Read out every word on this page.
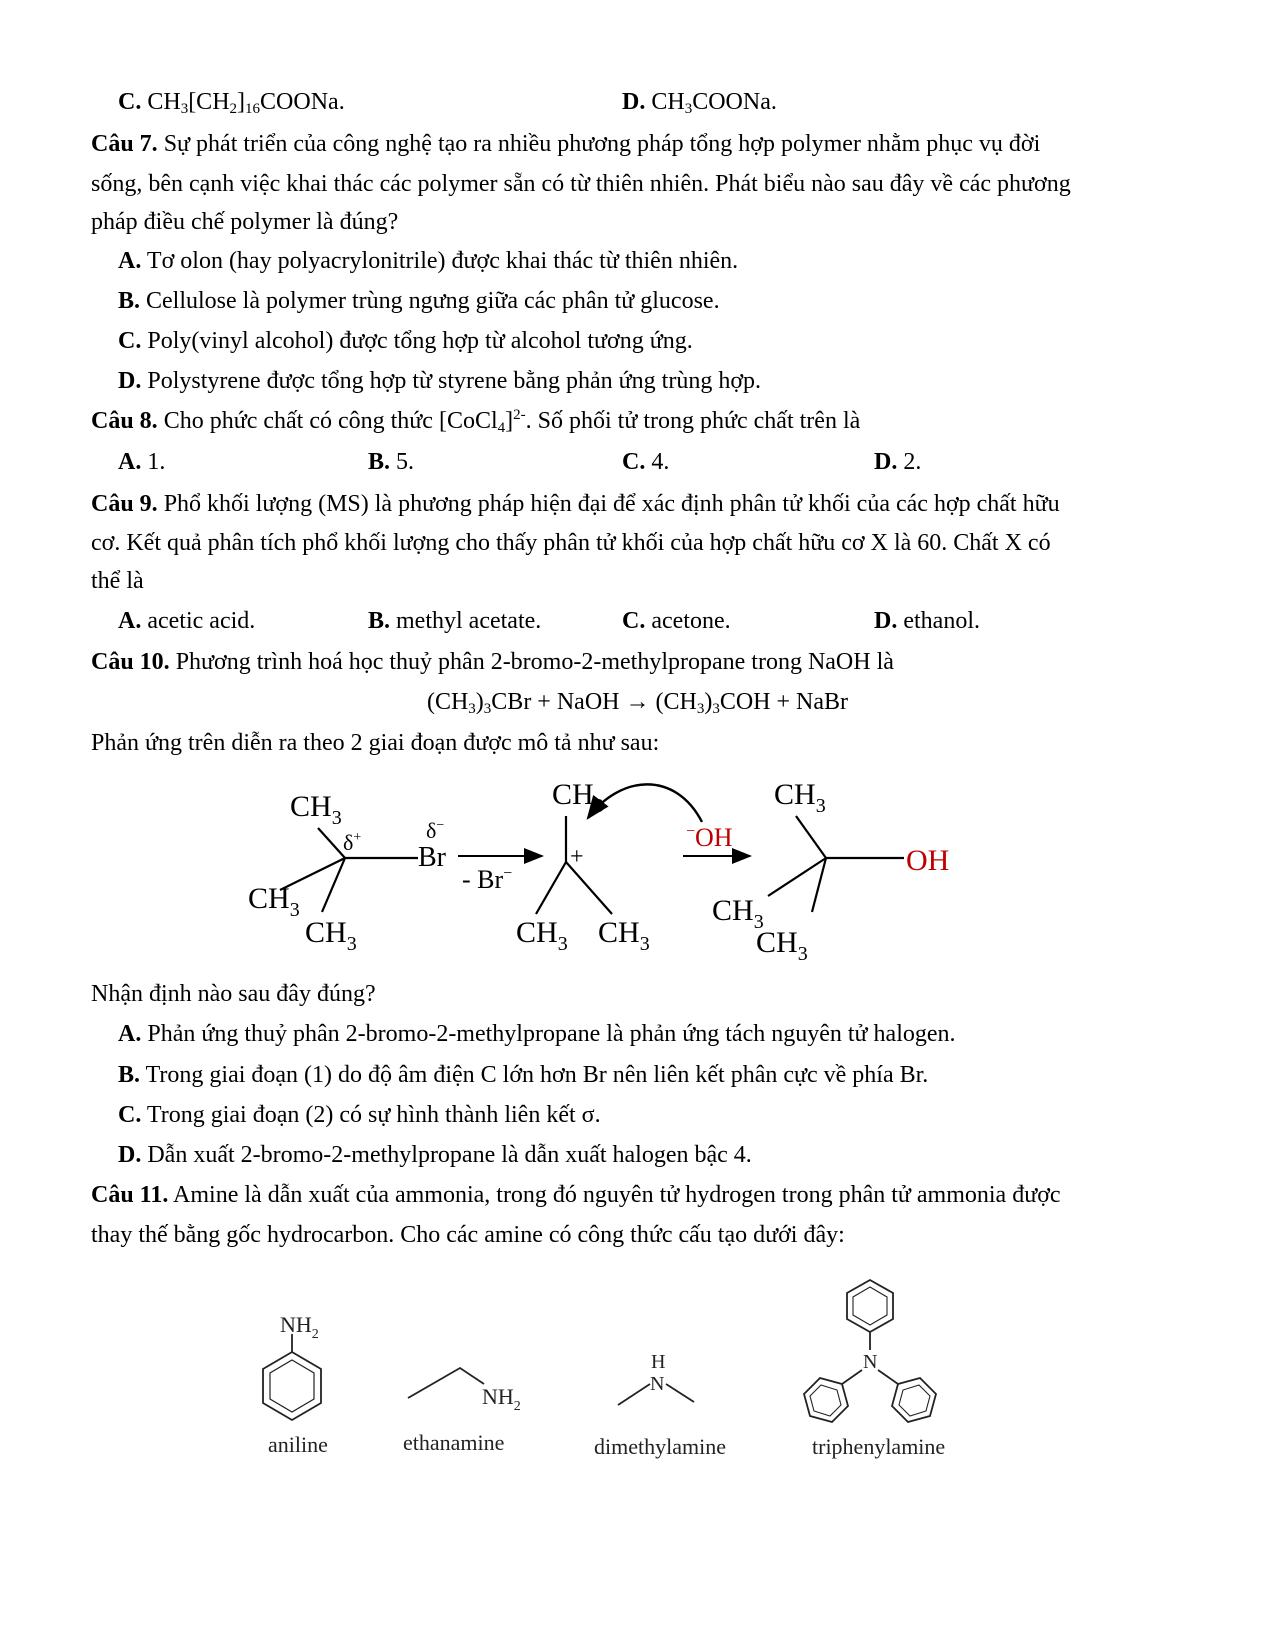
C. $CH_3[CH_2]_{16}COONa$.	D. $CH_3COONa$.
Câu 7. Sự phát triển của công nghệ tạo ra nhiều phương pháp tổng hợp polymer nhằm phục vụ đời
sống, bên cạnh việc khai thác các polymer sẵn có từ thiên nhiên. Phát biểu nào sau đây về các phương
pháp điều chế polymer là đúng?
A. Tơ olon (hay polyacrylonitrile) được khai thác từ thiên nhiên.
B. Cellulose là polymer trùng ngưng giữa các phân tử glucose.
C. Poly(vinyl alcohol) được tổng hợp từ alcohol tương ứng.
D. Polystyrene được tổng hợp từ styrene bằng phản ứng trùng hợp.
Câu 8. Cho phức chất có công thức [CoCl$_4$]$^{2-}$. Số phối tử trong phức chất trên là
A. 1.	B. 5.	C. 4.	D. 2.
Câu 9. Phổ khối lượng (MS) là phương pháp hiện đại để xác định phân tử khối của các hợp chất hữu
cơ. Kết quả phân tích phổ khối lượng cho thấy phân tử khối của hợp chất hữu cơ X là 60. Chất X có
thể là
A. acetic acid.	B. methyl acetate.	C. acetone.	D. ethanol.
Câu 10. Phương trình hoá học thuỷ phân 2-bromo-2-methylpropane trong NaOH là
$(CH_3)_3CBr$ + NaOH → $(CH_3)_3COH$ + NaBr
Phản ứng trên diễn ra theo 2 giai đoạn được mô tả như sau:
$CH_3$
$CH_3$
$CH_3$
δ+	δ−
Br
- Br−
$CH_3$
$CH_3$ $CH_3$
+
−OH
$CH_3$
$CH_3$
$CH_3$
OH
Nhận định nào sau đây đúng?
A. Phản ứng thuỷ phân 2-bromo-2-methylpropane là phản ứng tách nguyên tử halogen.
B. Trong giai đoạn (1) do độ âm điện C lớn hơn Br nên liên kết phân cực về phía Br.
C. Trong giai đoạn (2) có sự hình thành liên kết σ.
D. Dẫn xuất 2-bromo-2-methylpropane là dẫn xuất halogen bậc 4.
Câu 11. Amine là dẫn xuất của ammonia, trong đó nguyên tử hydrogen trong phân tử ammonia được
thay thế bằng gốc hydrocarbon. Cho các amine có công thức cấu tạo dưới đây:
$NH_2$
$NH_2$
H
N
N
aniline	ethanamine	dimethylamine	triphenylamine
